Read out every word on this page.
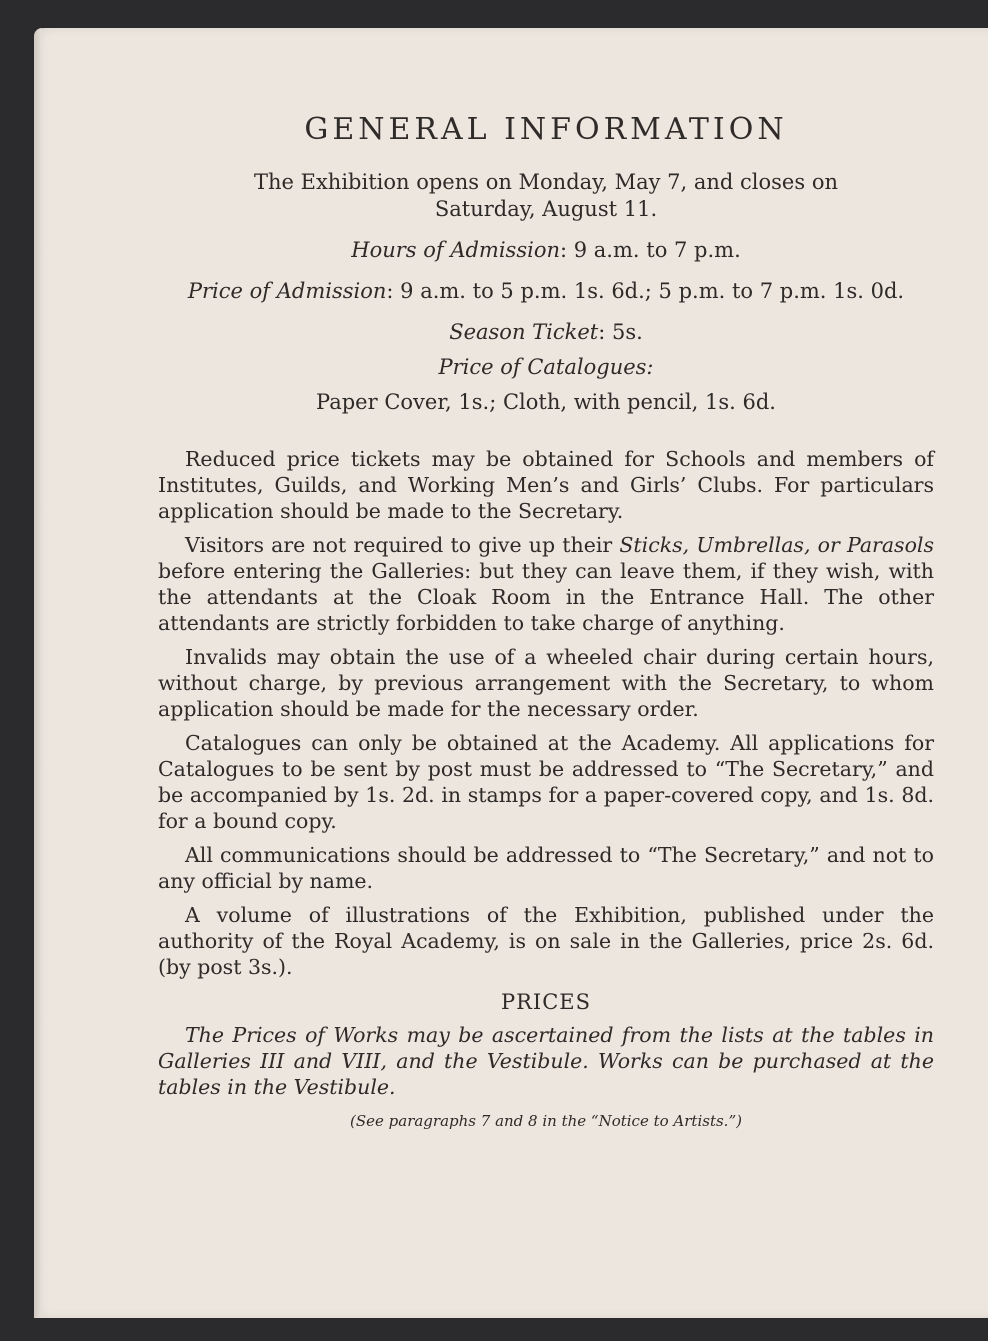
GENERAL INFORMATION

The Exhibition opens on Monday, May 7, and closes on

Saturday, August 11.

Hours of Admission: 9 a.m. to 7 p.m.

Price of Admission: 9 a.m. to 5 p.m. 1s. 6d.; 5 p.m. to 7 p.m. 1s. 0d.

Season Ticket: 5s.

Price of Catalogues:

Paper Cover, 1s.; Cloth, with pencil, 1s. 6d.

Reduced price tickets may be obtained for Schools and members of Institutes, Guilds, and Working Men’s and Girls’ Clubs. For particulars application should be made to the Secretary.

Visitors are not required to give up their Sticks, Umbrellas, or Parasols before entering the Galleries: but they can leave them, if they wish, with the attendants at the Cloak Room in the Entrance Hall. The other attendants are strictly forbidden to take charge of anything.

Invalids may obtain the use of a wheeled chair during certain hours, without charge, by previous arrangement with the Secretary, to whom application should be made for the necessary order.

Catalogues can only be obtained at the Academy. All applications for Catalogues to be sent by post must be addressed to “The Secretary,” and be accompanied by 1s. 2d. in stamps for a paper-covered copy, and 1s. 8d. for a bound copy.

All communications should be addressed to “The Secretary,” and not to any official by name.

A volume of illustrations of the Exhibition, published under the authority of the Royal Academy, is on sale in the Galleries, price 2s. 6d. (by post 3s.).

PRICES

The Prices of Works may be ascertained from the lists at the tables in Galleries III and VIII, and the Vestibule. Works can be purchased at the tables in the Vestibule.

(See paragraphs 7 and 8 in the “Notice to Artists.”)
